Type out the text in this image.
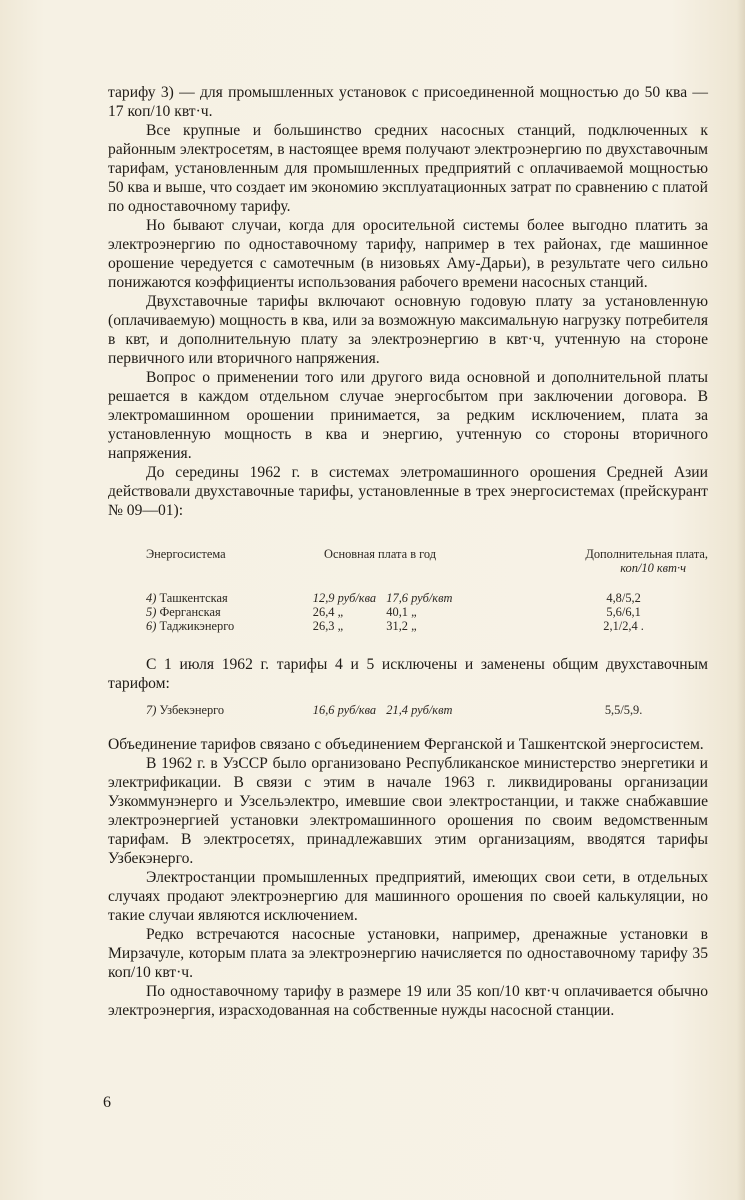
тарифу 3) — для промышленных установок с присоединенной мощностью до 50 ква — 17 коп/10 квт·ч.

Все крупные и большинство средних насосных станций, подключенных к районным электросетям, в настоящее время получают электроэнергию по двухставочным тарифам, установленным для промышленных предприятий с оплачиваемой мощностью 50 ква и выше, что создает им экономию эксплуатационных затрат по сравнению с платой по одноставочному тарифу.

Но бывают случаи, когда для оросительной системы более выгодно платить за электроэнергию по одноставочному тарифу, например в тех районах, где машинное орошение чередуется с самотечным (в низовьях Аму-Дарьи), в результате чего сильно понижаются коэффициенты использования рабочего времени насосных станций.

Двухставочные тарифы включают основную годовую плату за установленную (оплачиваемую) мощность в ква, или за возможную максимальную нагрузку потребителя в квт, и дополнительную плату за электроэнергию в квт·ч, учтенную на стороне первичного или вторичного напряжения.

Вопрос о применении того или другого вида основной и дополнительной платы решается в каждом отдельном случае энергосбытом при заключении договора. В электромашинном орошении принимается, за редким исключением, плата за установленную мощность в ква и энергию, учтенную со стороны вторичного напряжения.

До середины 1962 г. в системах элетромашинного орошения Средней Азии действовали двухставочные тарифы, установленные в трех энергосистемах (прейскурант № 09—01):

Энергосистема	Основная плата в год	Дополнительная плата,
коп/10 квт·ч
4) Ташкентская	12,9 руб/ква 17,6 руб/квт	4,8/5,2
5) Ферганская	26,4 „	40,1 „	5,6/6,1
6) Таджикэнерго	26,3 „	31,2 „	2,1/2,4 .

С 1 июля 1962 г. тарифы 4 и 5 исключены и заменены общим двухставочным тарифом:

7) Узбекэнерго	16,6 руб/ква 21,4 руб/квт	5,5/5,9.

Объединение тарифов связано с объединением Ферганской и Ташкентской энергосистем.

В 1962 г. в УзССР было организовано Республиканское министерство энергетики и электрификации. В связи с этим в начале 1963 г. ликвидированы организации Узкоммунэнерго и Узсельэлектро, имевшие свои электростанции, и также снабжавшие электроэнергией установки электромашинного орошения по своим ведомственным тарифам. В электросетях, принадлежавших этим организациям, вводятся тарифы Узбекэнерго.

Электростанции промышленных предприятий, имеющих свои сети, в отдельных случаях продают электроэнергию для машинного орошения по своей калькуляции, но такие случаи являются исключением.

Редко встречаются насосные установки, например, дренажные установки в Мирзачуле, которым плата за электроэнергию начисляется по одноставочному тарифу 35 коп/10 квт·ч.

По одноставочному тарифу в размере 19 или 35 коп/10 квт·ч оплачивается обычно электроэнергия, израсходованная на собственные нужды насосной станции.

6
